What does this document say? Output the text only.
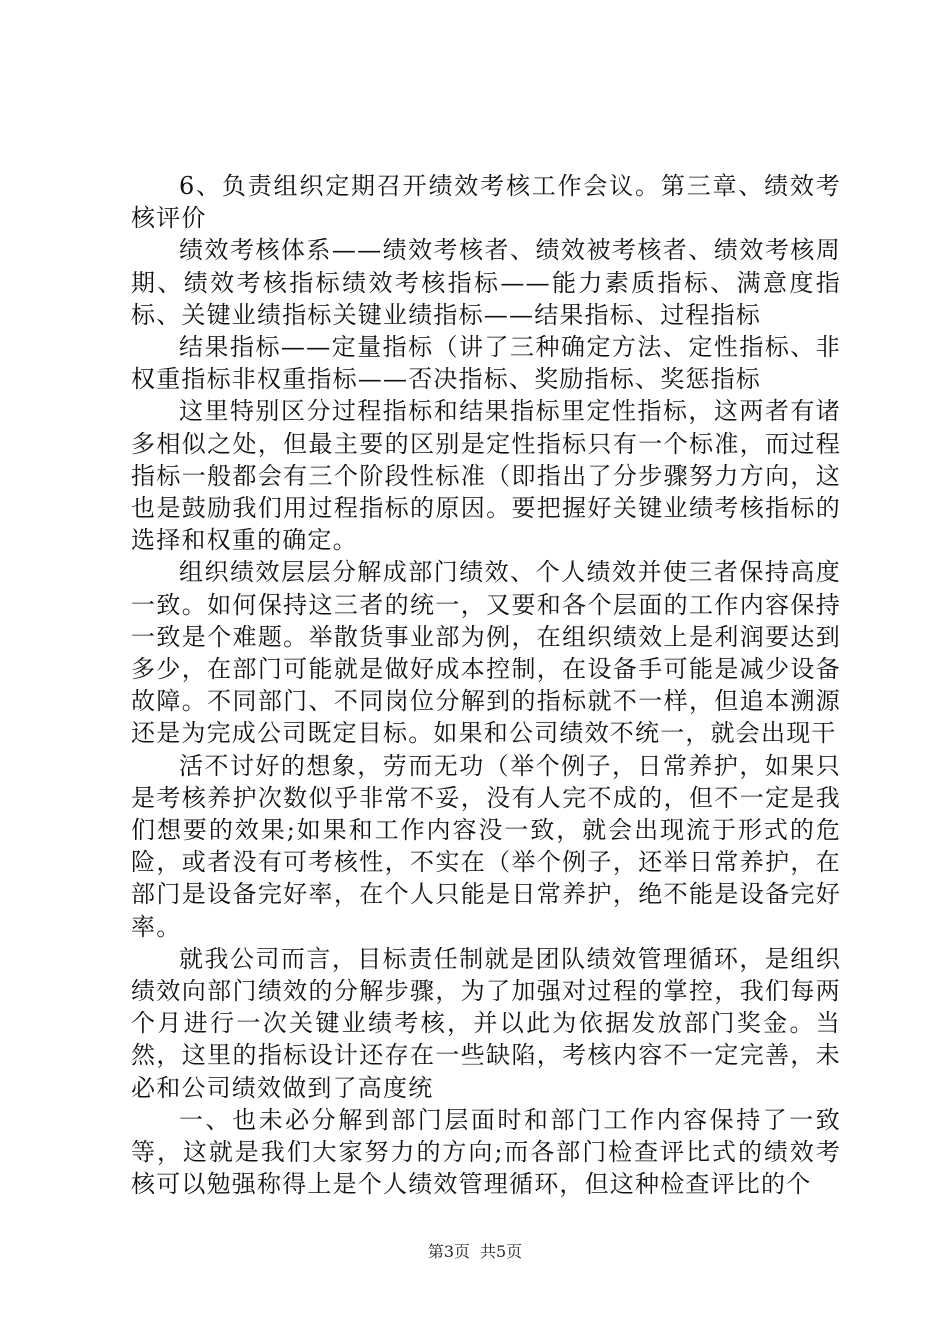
6、负责组织定期召开绩效考核工作会议。第三章、绩效考核评价

绩效考核体系——绩效考核者、绩效被考核者、绩效考核周期、绩效考核指标绩效考核指标——能力素质指标、满意度指标、关键业绩指标关键业绩指标——结果指标、过程指标

结果指标——定量指标（讲了三种确定方法、定性指标、非权重指标非权重指标——否决指标、奖励指标、奖惩指标

这里特别区分过程指标和结果指标里定性指标，这两者有诸多相似之处，但最主要的区别是定性指标只有一个标准，而过程指标一般都会有三个阶段性标准（即指出了分步骤努力方向，这也是鼓励我们用过程指标的原因。要把握好关键业绩考核指标的选择和权重的确定。

组织绩效层层分解成部门绩效、个人绩效并使三者保持高度一致。如何保持这三者的统一，又要和各个层面的工作内容保持一致是个难题。举散货事业部为例，在组织绩效上是利润要达到多少，在部门可能就是做好成本控制，在设备手可能是减少设备故障。不同部门、不同岗位分解到的指标就不一样，但追本溯源还是为完成公司既定目标。如果和公司绩效不统一，就会出现干

活不讨好的想象，劳而无功（举个例子，日常养护，如果只是考核养护次数似乎非常不妥，没有人完不成的，但不一定是我们想要的效果;如果和工作内容没一致，就会出现流于形式的危险，或者没有可考核性，不实在（举个例子，还举日常养护，在部门是设备完好率，在个人只能是日常养护，绝不能是设备完好率。

就我公司而言，目标责任制就是团队绩效管理循环，是组织绩效向部门绩效的分解步骤，为了加强对过程的掌控，我们每两个月进行一次关键业绩考核，并以此为依据发放部门奖金。当然，这里的指标设计还存在一些缺陷，考核内容不一定完善，未必和公司绩效做到了高度统

一、也未必分解到部门层面时和部门工作内容保持了一致等，这就是我们大家努力的方向;而各部门检查评比式的绩效考核可以勉强称得上是个人绩效管理循环，但这种检查评比的个

第3页 共5页
